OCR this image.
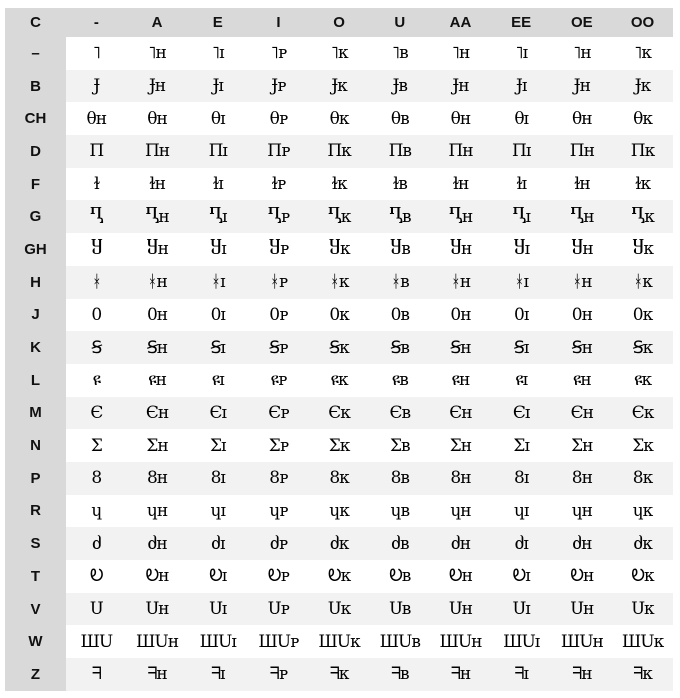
C	-	A	E	I	O	U	AA	EE	OE	OO
–	˥	˥ʜ	˥ɪ	˥ᴘ	˥ᴋ	˥ʙ	˥ʜ	˥ɪ	˥ʜ	˥ᴋ
B	Ɉ	Ɉʜ	Ɉɪ	Ɉᴘ	Ɉᴋ	Ɉʙ	Ɉʜ	Ɉɪ	Ɉʜ	Ɉᴋ
CH	θʜ	θʜ	θɪ	θᴘ	θᴋ	θʙ	θʜ	θɪ	θʜ	θᴋ
D	Π	Πʜ	Πɪ	Πᴘ	Πᴋ	Πʙ	Πʜ	Πɪ	Πʜ	Πᴋ
F	ɫ	ɫʜ	ɫɪ	ɫᴘ	ɫᴋ	ɫʙ	ɫʜ	ɫɪ	ɫʜ	ɫᴋ
G	Ⴂ	Ⴂʜ	Ⴂɪ	Ⴂᴘ	Ⴂᴋ	Ⴂʙ	Ⴂʜ	Ⴂɪ	Ⴂʜ	Ⴂᴋ
GH	Ⴘ	Ⴘʜ	Ⴘɪ	Ⴘᴘ	Ⴘᴋ	Ⴘʙ	Ⴘʜ	Ⴘɪ	Ⴘʜ	Ⴘᴋ
H	ᚼ	ᚼʜ	ᚼɪ	ᚼᴘ	ᚼᴋ	ᚼʙ	ᚼʜ	ᚼɪ	ᚼʜ	ᚼᴋ
J	0	0ʜ	0ɪ	0ᴘ	0ᴋ	0ʙ	0ʜ	0ɪ	0ʜ	0ᴋ
K	Ꞩ	Ꞩʜ	Ꞩɪ	Ꞩᴘ	Ꞩᴋ	Ꞩʙ	Ꞩʜ	Ꞩɪ	Ꞩʜ	Ꞩᴋ
L	ዩ	ዩʜ	ዩɪ	ዩᴘ	ዩᴋ	ዩʙ	ዩʜ	ዩɪ	ዩʜ	ዩᴋ
M	Є	Єʜ	Єɪ	Єᴘ	Єᴋ	Єʙ	Єʜ	Єɪ	Єʜ	Єᴋ
N	Σ	Σʜ	Σɪ	Σᴘ	Σᴋ	Σʙ	Σʜ	Σɪ	Σʜ	Σᴋ
P	8	8ʜ	8ɪ	8ᴘ	8ᴋ	8ʙ	8ʜ	8ɪ	8ʜ	8ᴋ
R	ɥ	ɥʜ	ɥɪ	ɥᴘ	ɥᴋ	ɥʙ	ɥʜ	ɥɪ	ɥʜ	ɥᴋ
S	ძ	ძʜ	ძɪ	ძᴘ	ძᴋ	ძʙ	ძʜ	ძɪ	ძʜ	ძᴋ
T	Ꭷ	Ꭷʜ	Ꭷɪ	Ꭷᴘ	Ꭷᴋ	Ꭷʙ	Ꭷʜ	Ꭷɪ	Ꭷʜ	Ꭷᴋ
V	Ս	Սʜ	Սɪ	Սᴘ	Սᴋ	Սʙ	Սʜ	Սɪ	Սʜ	Սᴋ
W	ШU	ШUʜ	ШUɪ	ШUᴘ	ШUᴋ	ШUʙ	ШUʜ	ШUɪ	ШUʜ	ШUᴋ
Z	ᖷ	ᖷʜ	ᖷɪ	ᖷᴘ	ᖷᴋ	ᖷʙ	ᖷʜ	ᖷɪ	ᖷʜ	ᖷᴋ
